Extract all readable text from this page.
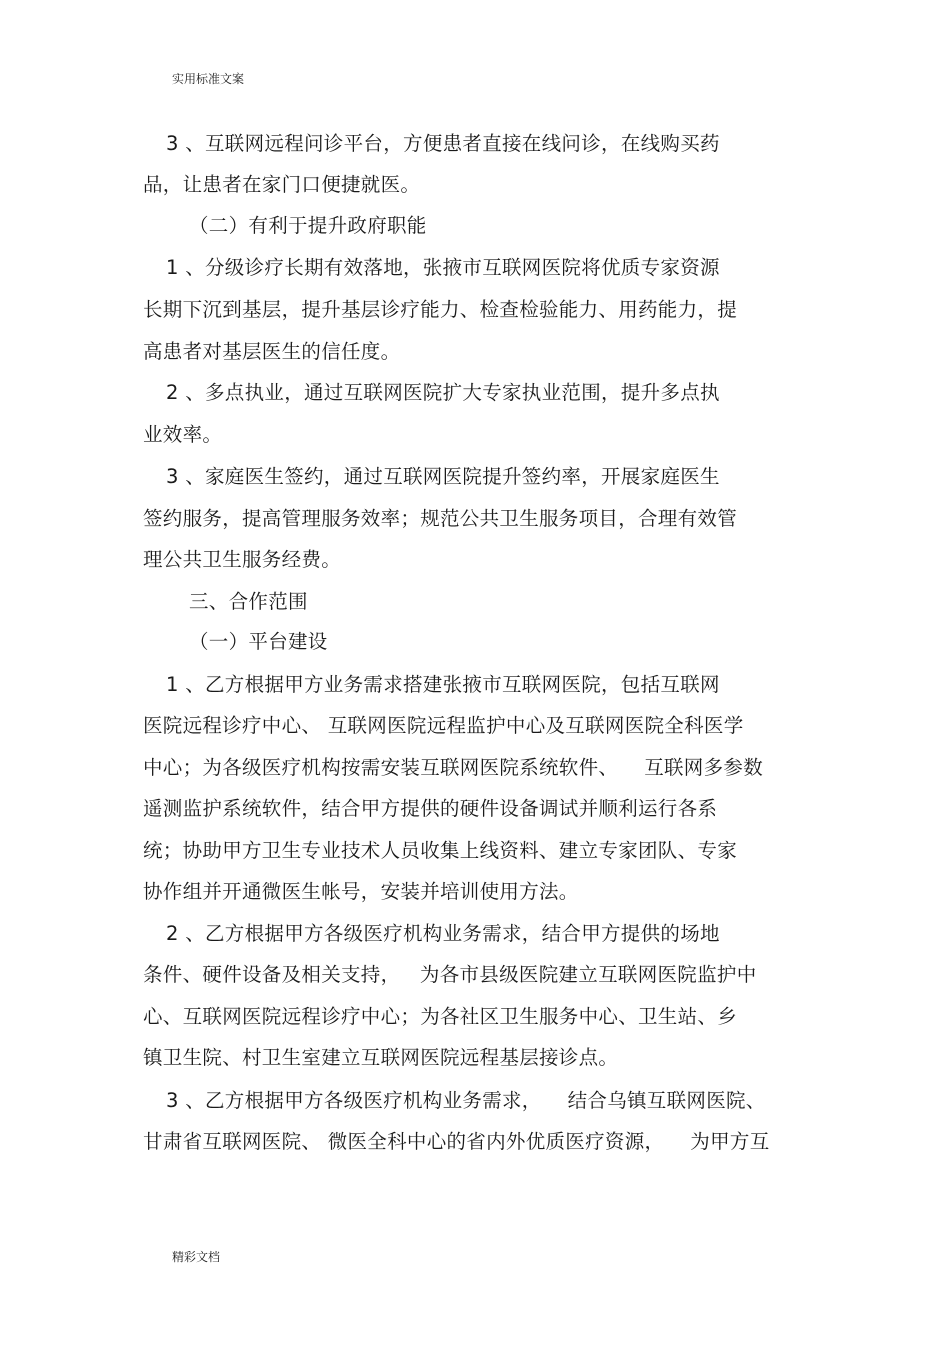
实用标准文案
3 、互联网远程问诊平台，方便患者直接在线问诊，在线购买药
品，让患者在家门口便捷就医。
（二）有利于提升政府职能
1 、分级诊疗长期有效落地，张掖市互联网医院将优质专家资源
长期下沉到基层，提升基层诊疗能力、检查检验能力、用药能力，提
高患者对基层医生的信任度。
2 、多点执业，通过互联网医院扩大专家执业范围，提升多点执
业效率。
3 、家庭医生签约，通过互联网医院提升签约率，开展家庭医生
签约服务，提高管理服务效率；规范公共卫生服务项目，合理有效管
理公共卫生服务经费。
三、合作范围
（一）平台建设
1 、乙方根据甲方业务需求搭建张掖市互联网医院，包括互联网
医院远程诊疗中心、 互联网医院远程监护中心及互联网医院全科医学
中心；为各级医疗机构按需安装互联网医院系统软件、    互联网多参数
遥测监护系统软件，结合甲方提供的硬件设备调试并顺利运行各系
统；协助甲方卫生专业技术人员收集上线资料、建立专家团队、专家
协作组并开通微医生帐号，安装并培训使用方法。
2 、乙方根据甲方各级医疗机构业务需求，结合甲方提供的场地
条件、硬件设备及相关支持，   为各市县级医院建立互联网医院监护中
心、互联网医院远程诊疗中心；为各社区卫生服务中心、卫生站、乡
镇卫生院、村卫生室建立互联网医院远程基层接诊点。
3 、乙方根据甲方各级医疗机构业务需求，    结合乌镇互联网医院、
甘肃省互联网医院、 微医全科中心的省内外优质医疗资源，    为甲方互
精彩文档
